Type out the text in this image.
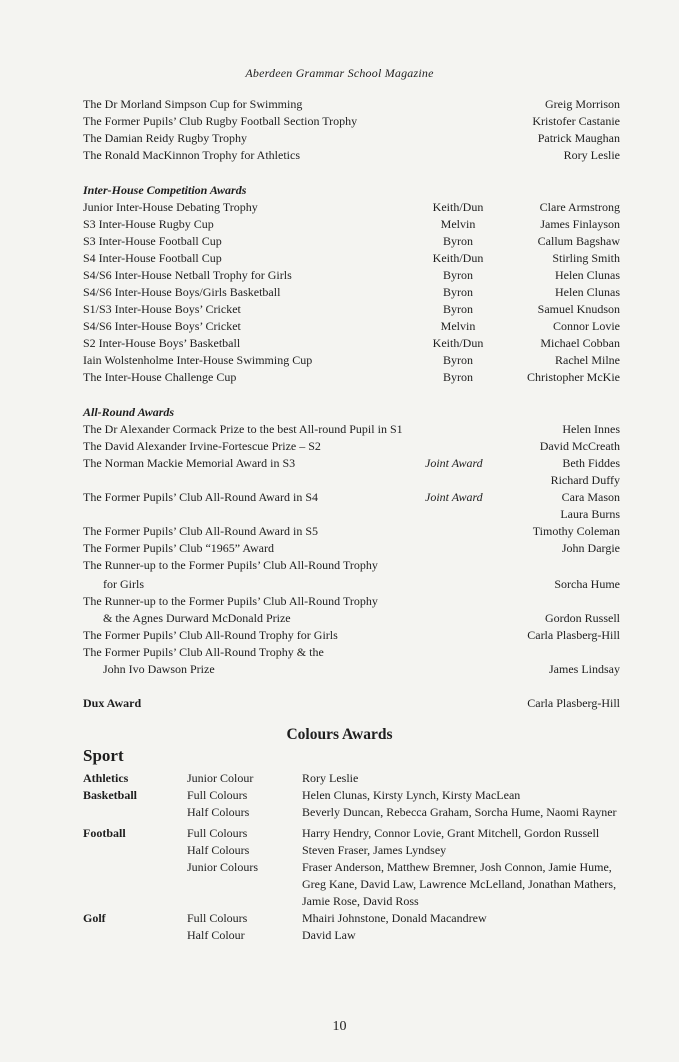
Aberdeen Grammar School Magazine
The Dr Morland Simpson Cup for Swimming	Greig Morrison
The Former Pupils’ Club Rugby Football Section Trophy	Kristofer Castanie
The Damian Reidy Rugby Trophy	Patrick Maughan
The Ronald MacKinnon Trophy for Athletics	Rory Leslie
Inter-House Competition Awards
Junior Inter-House Debating Trophy	Keith/Dun	Clare Armstrong
S3 Inter-House Rugby Cup	Melvin	James Finlayson
S3 Inter-House Football Cup	Byron	Callum Bagshaw
S4 Inter-House Football Cup	Keith/Dun	Stirling Smith
S4/S6 Inter-House Netball Trophy for Girls	Byron	Helen Clunas
S4/S6 Inter-House Boys/Girls Basketball	Byron	Helen Clunas
S1/S3 Inter-House Boys’ Cricket	Byron	Samuel Knudson
S4/S6 Inter-House Boys’ Cricket	Melvin	Connor Lovie
S2 Inter-House Boys’ Basketball	Keith/Dun	Michael Cobban
Iain Wolstenholme Inter-House Swimming Cup	Byron	Rachel Milne
The Inter-House Challenge Cup	Byron	Christopher McKie
All-Round Awards
The Dr Alexander Cormack Prize to the best All-round Pupil in S1	Helen Innes
The David Alexander Irvine-Fortescue Prize – S2	David McCreath
The Norman Mackie Memorial Award in S3	Joint Award	Beth Fiddes
Richard Duffy
The Former Pupils’ Club All-Round Award in S4	Joint Award	Cara Mason
Laura Burns
The Former Pupils’ Club All-Round Award in S5	Timothy Coleman
The Former Pupils’ Club “1965” Award	John Dargie
The Runner-up to the Former Pupils’ Club All-Round Trophy
for Girls	Sorcha Hume
The Runner-up to the Former Pupils’ Club All-Round Trophy
& the Agnes Durward McDonald Prize	Gordon Russell
The Former Pupils’ Club All-Round Trophy for Girls	Carla Plasberg-Hill
The Former Pupils’ Club All-Round Trophy & the
John Ivo Dawson Prize	James Lindsay
Dux Award	Carla Plasberg-Hill
Colours Awards
Sport
Athletics	Junior Colour	Rory Leslie
Basketball	Full Colours	Helen Clunas, Kirsty Lynch, Kirsty MacLean
Half Colours	Beverly Duncan, Rebecca Graham, Sorcha Hume, Naomi Rayner
Football	Full Colours	Harry Hendry, Connor Lovie, Grant Mitchell, Gordon Russell
Half Colours	Steven Fraser, James Lyndsey
Junior Colours	Fraser Anderson, Matthew Bremner, Josh Connon, Jamie Hume, Greg Kane, David Law, Lawrence McLelland, Jonathan Mathers, Jamie Rose, David Ross
Golf	Full Colours	Mhairi Johnstone, Donald Macandrew
Half Colour	David Law
10
